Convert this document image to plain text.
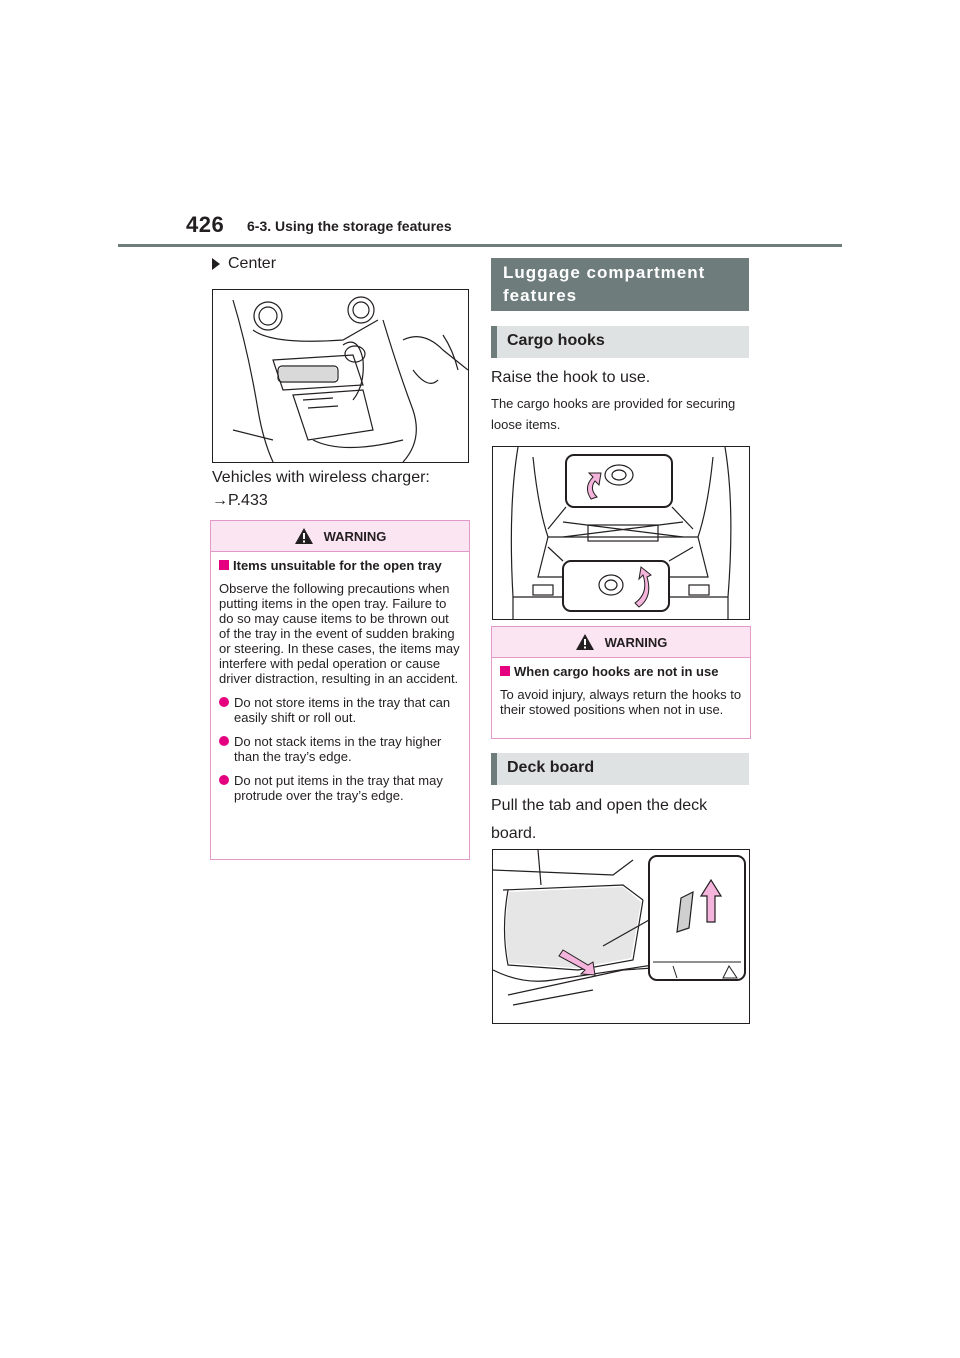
426 6-3. Using the storage features
Center
Vehicles with wireless charger:
→P.433
WARNING
Items unsuitable for the open tray
Observe the following precautions when putting items in the open tray. Failure to do so may cause items to be thrown out of the tray in the event of sudden braking or steering. In these cases, the items may interfere with pedal operation or cause driver distraction, resulting in an accident.
Do not store items in the tray that can easily shift or roll out.
Do not stack items in the tray higher than the tray’s edge.
Do not put items in the tray that may protrude over the tray’s edge.
Luggage compartment features
Cargo hooks
Raise the hook to use.
The cargo hooks are provided for securing loose items.
WARNING
When cargo hooks are not in use
To avoid injury, always return the hooks to their stowed positions when not in use.
Deck board
Pull the tab and open the deck board.
